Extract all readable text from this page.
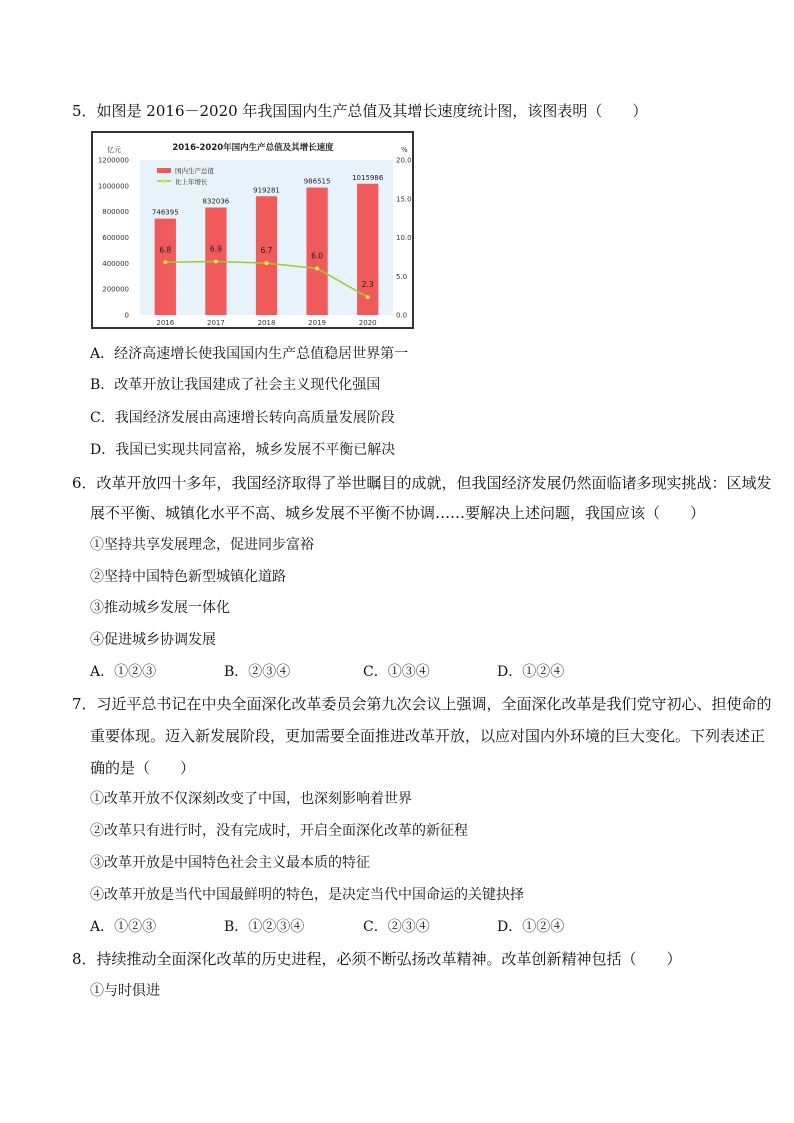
5．如图是 2016－2020 年我国国内生产总值及其增长速度统计图，该图表明（　　）
2016-2020年国内生产总值及其增长速度
亿元	%
0
200000
400000
600000
800000
1000000
1200000
0.0
5.0
10.0
15.0
20.0
746395
832036
919281
986515	1015986
6.8	6.9	6.7
6.0
2.3
2016	2017	2018	2019	2020
国内生产总值
比上年增长
A．经济高速增长使我国国内生产总值稳居世界第一
B．改革开放让我国建成了社会主义现代化强国
C．我国经济发展由高速增长转向高质量发展阶段
D．我国已实现共同富裕，城乡发展不平衡已解决
6．改革开放四十多年，我国经济取得了举世瞩目的成就，但我国经济发展仍然面临诸多现实挑战：区域发
展不平衡、城镇化水平不高、城乡发展不平衡不协调……要解决上述问题，我国应该（　　）
①坚持共享发展理念，促进同步富裕
②坚持中国特色新型城镇化道路
③推动城乡发展一体化
④促进城乡协调发展
A．①②③	B．②③④	C．①③④	D．①②④
7．习近平总书记在中央全面深化改革委员会第九次会议上强调，全面深化改革是我们党守初心、担使命的
重要体现。迈入新发展阶段，更加需要全面推进改革开放，以应对国内外环境的巨大变化。下列表述正
确的是（　　）
①改革开放不仅深刻改变了中国，也深刻影响着世界
②改革只有进行时，没有完成时，开启全面深化改革的新征程
③改革开放是中国特色社会主义最本质的特征
④改革开放是当代中国最鲜明的特色，是决定当代中国命运的关键抉择
A．①②③	B．①②③④	C．②③④	D．①②④
8．持续推动全面深化改革的历史进程，必须不断弘扬改革精神。改革创新精神包括（　　）
①与时俱进
